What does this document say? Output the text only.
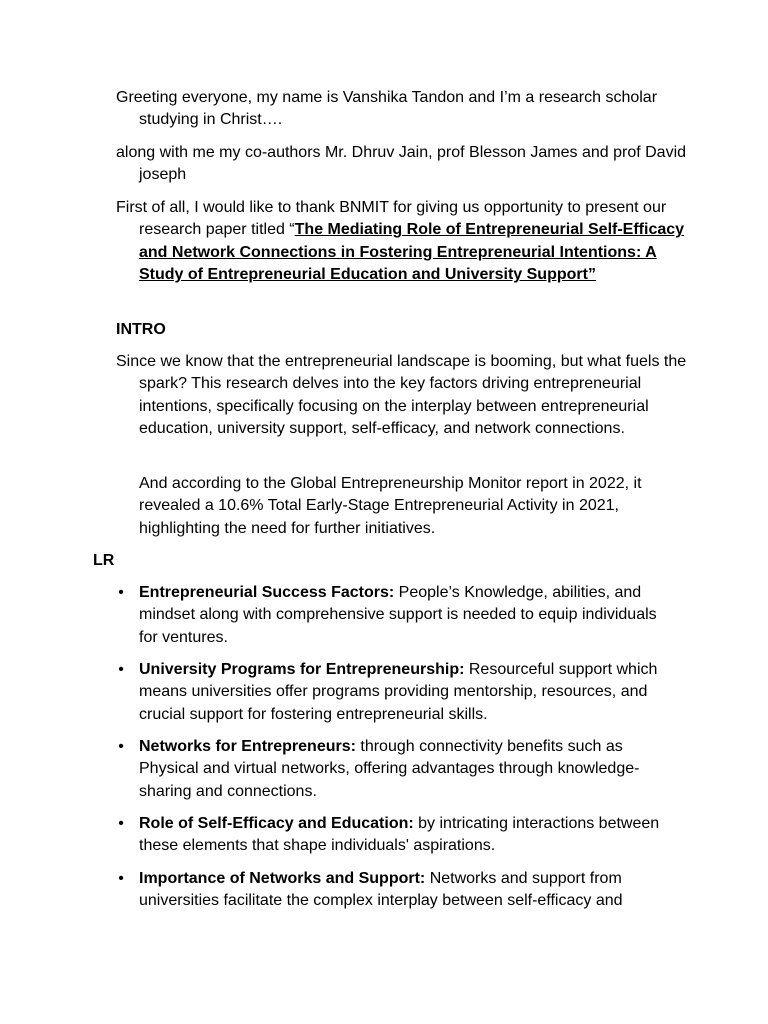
Greeting everyone, my name is Vanshika Tandon and I’m a research scholar studying in Christ….

along with me my co-authors Mr. Dhruv Jain, prof Blesson James and prof David joseph

First of all, I would like to thank BNMIT for giving us opportunity to present our research paper titled “The Mediating Role of Entrepreneurial Self-Efficacy and Network Connections in Fostering Entrepreneurial Intentions: A Study of Entrepreneurial Education and University Support”

INTRO

Since we know that the entrepreneurial landscape is booming, but what fuels the spark? This research delves into the key factors driving entrepreneurial intentions, specifically focusing on the interplay between entrepreneurial education, university support, self-efficacy, and network connections.

And according to the Global Entrepreneurship Monitor report in 2022, it revealed a 10.6% Total Early-Stage Entrepreneurial Activity in 2021, highlighting the need for further initiatives.

LR

• Entrepreneurial Success Factors: People’s Knowledge, abilities, and mindset along with comprehensive support is needed to equip individuals for ventures.

• University Programs for Entrepreneurship: Resourceful support which means universities offer programs providing mentorship, resources, and crucial support for fostering entrepreneurial skills.

• Networks for Entrepreneurs: through connectivity benefits such as Physical and virtual networks, offering advantages through knowledge-sharing and connections.

• Role of Self-Efficacy and Education: by intricating interactions between these elements that shape individuals' aspirations.

• Importance of Networks and Support: Networks and support from universities facilitate the complex interplay between self-efficacy and
